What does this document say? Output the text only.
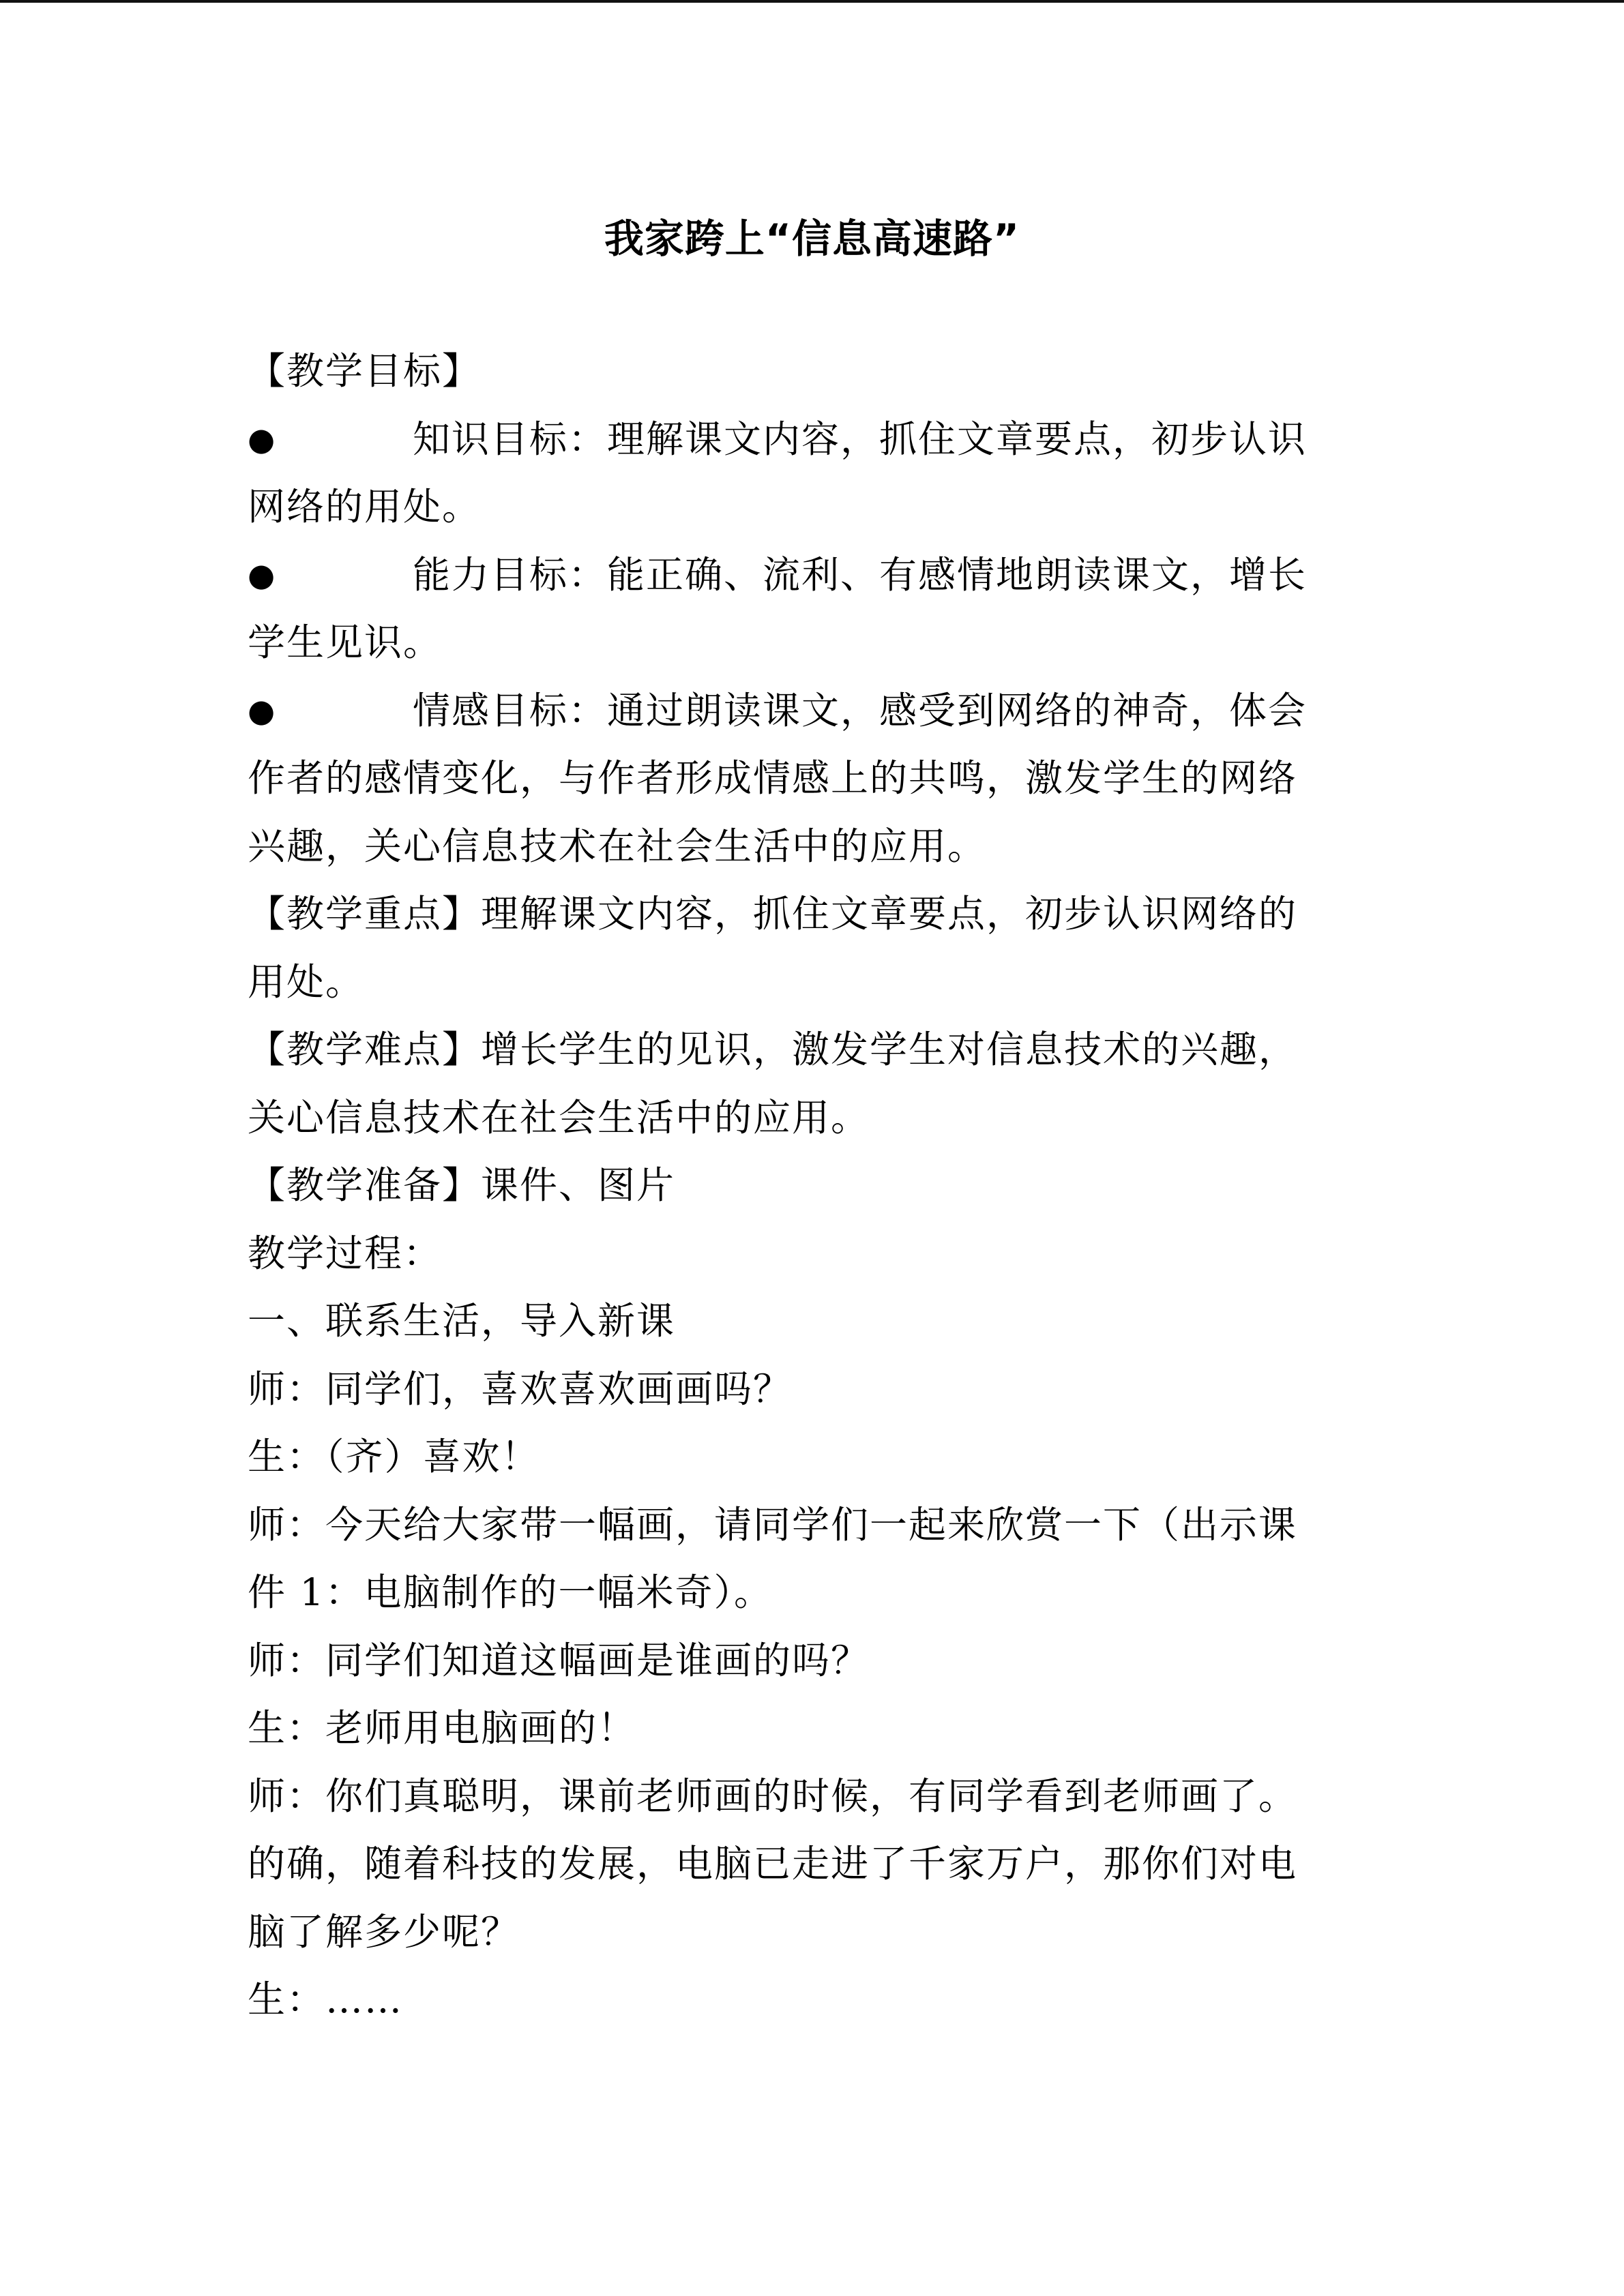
我家跨上“信息高速路”
【教学目标】
●	知识目标：理解课文内容，抓住文章要点，初步认识
网络的用处。
●	能力目标：能正确、流利、有感情地朗读课文，增长
学生见识。
●	情感目标：通过朗读课文，感受到网络的神奇，体会
作者的感情变化，与作者形成情感上的共鸣，激发学生的网络
兴趣，关心信息技术在社会生活中的应用。
【教学重点】理解课文内容，抓住文章要点，初步认识网络的
用处。
【教学难点】增长学生的见识，激发学生对信息技术的兴趣，
关心信息技术在社会生活中的应用。
【教学准备】课件、图片
教学过程：
一、联系生活，导入新课
师：同学们，喜欢喜欢画画吗？
生：（齐）喜欢！
师：今天给大家带一幅画，请同学们一起来欣赏一下（出示课
件 1：电脑制作的一幅米奇）。
师：同学们知道这幅画是谁画的吗？
生：老师用电脑画的！
师：你们真聪明，课前老师画的时候，有同学看到老师画了。
的确，随着科技的发展，电脑已走进了千家万户，那你们对电
脑了解多少呢？
生：……
